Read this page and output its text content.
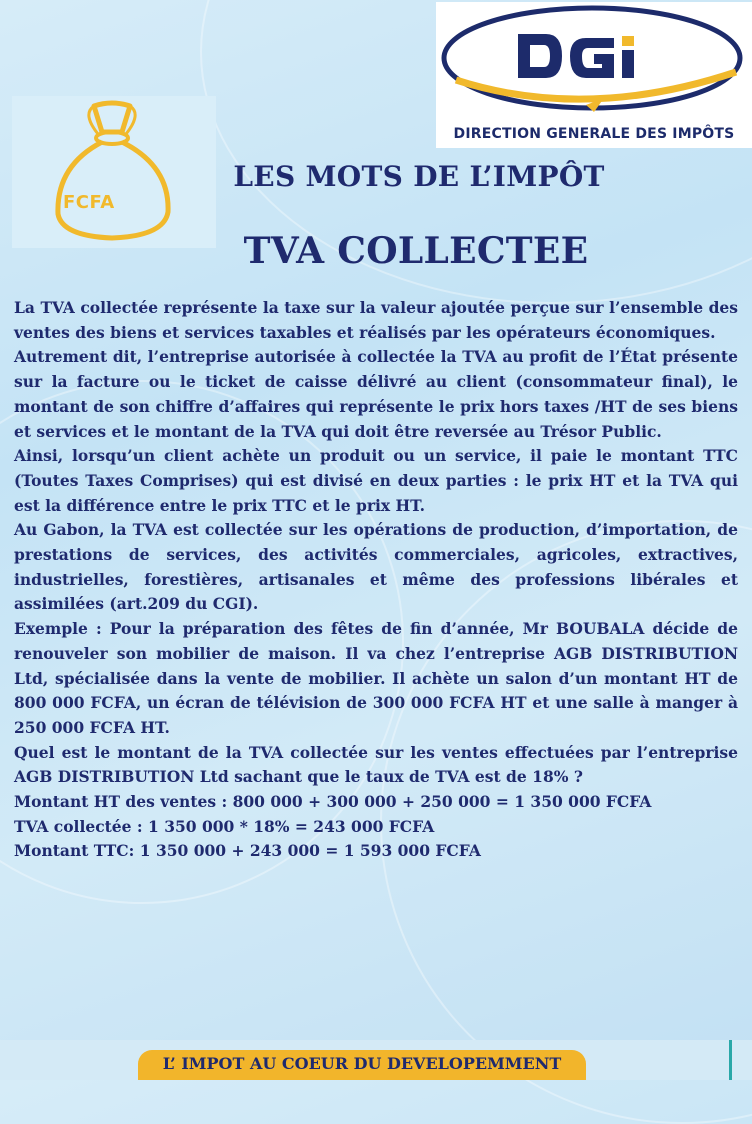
DIRECTION GENERALE DES IMPÔTS
FCFA
LES MOTS DE L’IMPÔT
TVA COLLECTEE

La TVA collectée représente la taxe sur la valeur ajoutée perçue sur l’ensemble des ventes des biens et services taxables et réalisés par les opérateurs économiques.

Autrement dit, l’entreprise autorisée à collectée la TVA au profit de l’État présente sur la facture ou le ticket de caisse délivré au client (consommateur final), le montant de son chiffre d’affaires qui représente le prix hors taxes /HT de ses biens et services et le montant de la TVA qui doit être reversée au Trésor Public.

Ainsi, lorsqu’un client achète un produit ou un service, il paie le montant TTC (Toutes Taxes Comprises) qui est divisé en deux parties : le prix HT et la TVA qui est la différence entre le prix TTC et le prix HT.

Au Gabon, la TVA est collectée sur les opérations de production, d’importation, de prestations de services, des activités commerciales, agricoles, extractives, industrielles, forestières, artisanales et même des professions libérales et assimilées (art.209 du CGI).

Exemple : Pour la préparation des fêtes de fin d’année, Mr BOUBALA décide de renouveler son mobilier de maison. Il va chez l’entreprise AGB DISTRIBUTION Ltd, spécialisée dans la vente de mobilier. Il achète un salon d’un montant HT de 800 000 FCFA, un écran de télévision de 300 000 FCFA HT et une salle à manger à 250 000 FCFA HT.

Quel est le montant de la TVA collectée sur les ventes effectuées par l’entreprise AGB DISTRIBUTION Ltd sachant que le taux de TVA est de 18% ?

Montant HT des ventes : 800 000 + 300 000 + 250 000 = 1 350 000 FCFA

TVA collectée : 1 350 000 * 18% = 243 000 FCFA

Montant TTC: 1 350 000 + 243 000 = 1 593 000 FCFA

L’ IMPOT AU COEUR DU DEVELOPEMMENT
